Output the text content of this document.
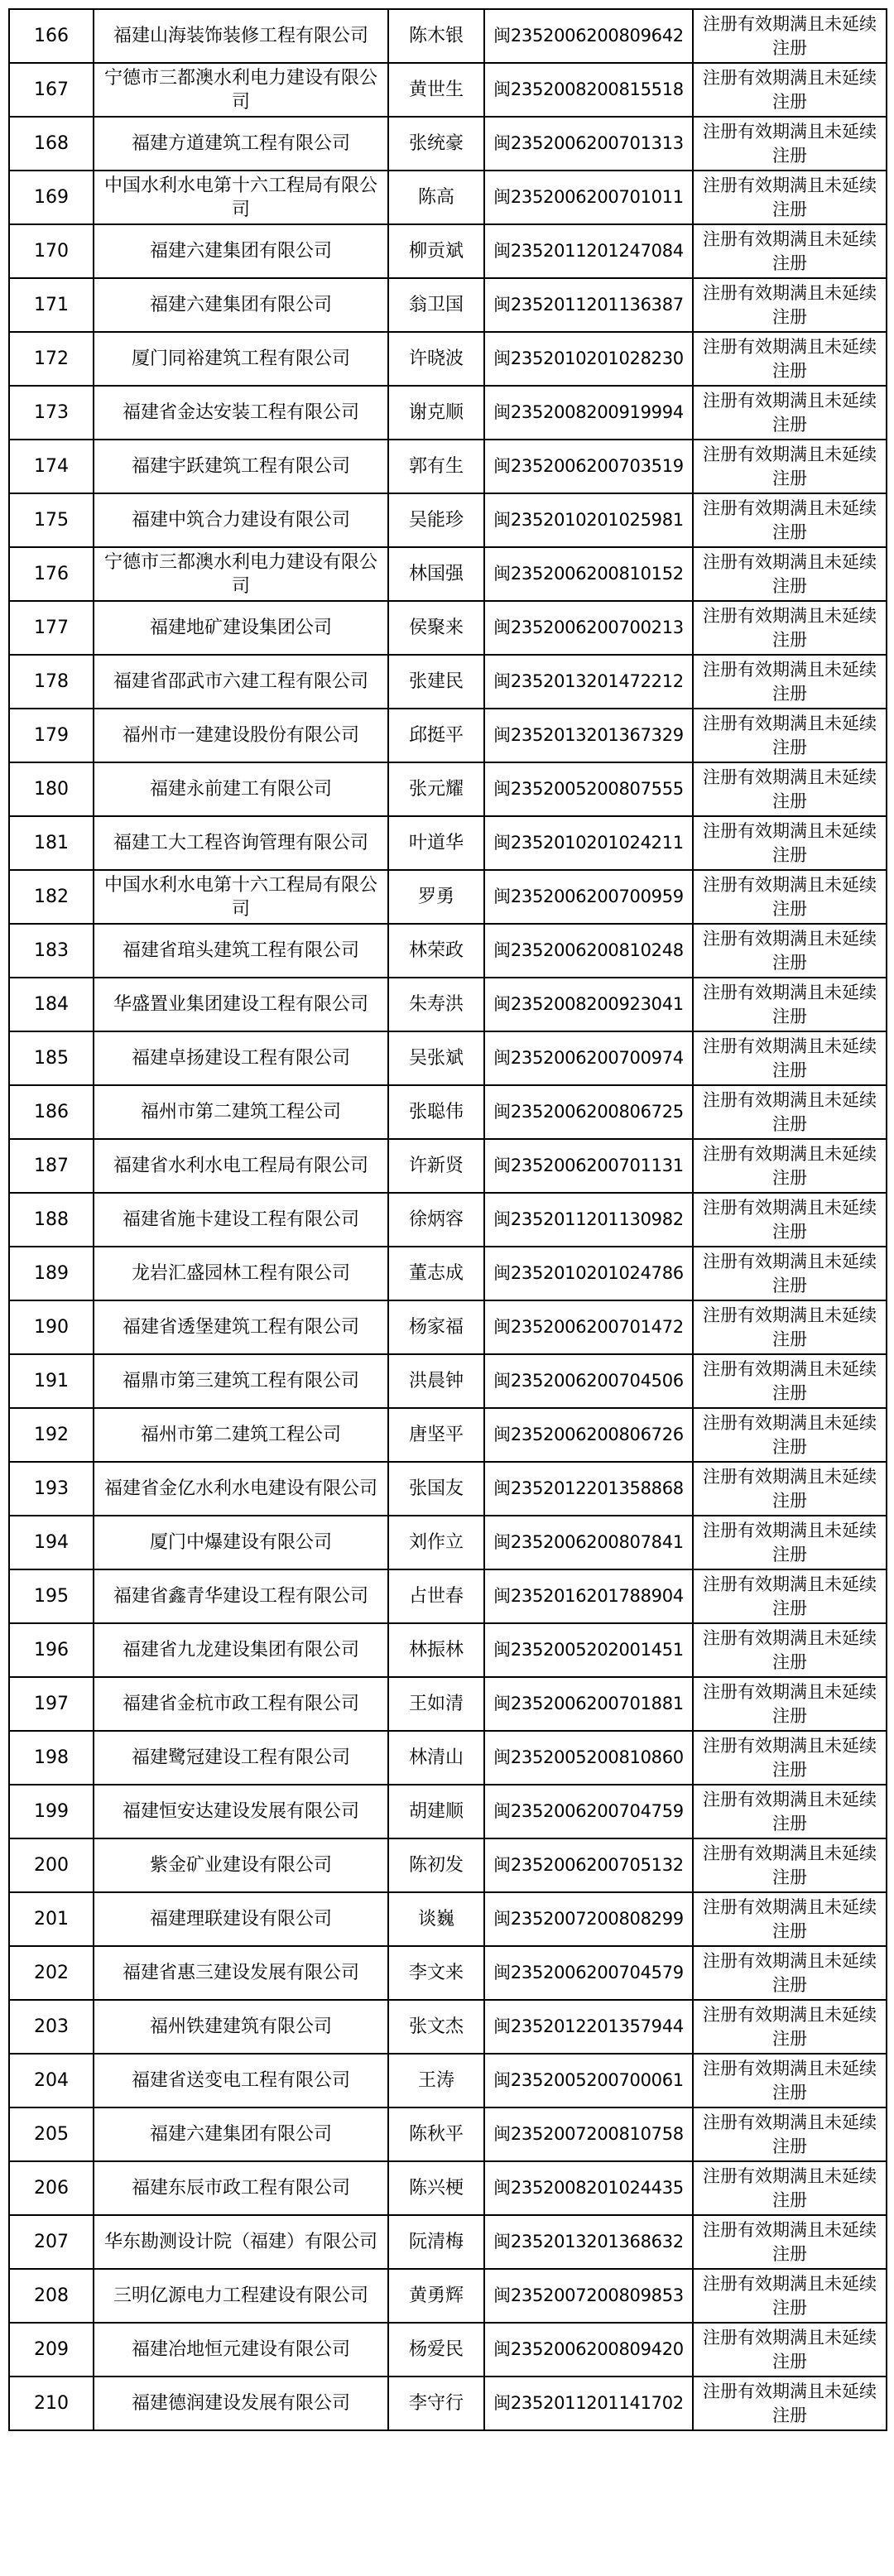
166	福建山海装饰装修工程有限公司	陈木银	闽2352006200809642	注册有效期满且未延续注册
167	宁德市三都澳水利电力建设有限公司	黄世生	闽2352008200815518	注册有效期满且未延续注册
168	福建方道建筑工程有限公司	张统豪	闽2352006200701313	注册有效期满且未延续注册
169	中国水利水电第十六工程局有限公司	陈高	闽2352006200701011	注册有效期满且未延续注册
170	福建六建集团有限公司	柳贡斌	闽2352011201247084	注册有效期满且未延续注册
171	福建六建集团有限公司	翁卫国	闽2352011201136387	注册有效期满且未延续注册
172	厦门同裕建筑工程有限公司	许晓波	闽2352010201028230	注册有效期满且未延续注册
173	福建省金达安装工程有限公司	谢克顺	闽2352008200919994	注册有效期满且未延续注册
174	福建宇跃建筑工程有限公司	郭有生	闽2352006200703519	注册有效期满且未延续注册
175	福建中筑合力建设有限公司	吴能珍	闽2352010201025981	注册有效期满且未延续注册
176	宁德市三都澳水利电力建设有限公司	林国强	闽2352006200810152	注册有效期满且未延续注册
177	福建地矿建设集团公司	侯聚来	闽2352006200700213	注册有效期满且未延续注册
178	福建省邵武市六建工程有限公司	张建民	闽2352013201472212	注册有效期满且未延续注册
179	福州市一建建设股份有限公司	邱挺平	闽2352013201367329	注册有效期满且未延续注册
180	福建永前建工有限公司	张元耀	闽2352005200807555	注册有效期满且未延续注册
181	福建工大工程咨询管理有限公司	叶道华	闽2352010201024211	注册有效期满且未延续注册
182	中国水利水电第十六工程局有限公司	罗勇	闽2352006200700959	注册有效期满且未延续注册
183	福建省琯头建筑工程有限公司	林荣政	闽2352006200810248	注册有效期满且未延续注册
184	华盛置业集团建设工程有限公司	朱寿洪	闽2352008200923041	注册有效期满且未延续注册
185	福建卓扬建设工程有限公司	吴张斌	闽2352006200700974	注册有效期满且未延续注册
186	福州市第二建筑工程公司	张聪伟	闽2352006200806725	注册有效期满且未延续注册
187	福建省水利水电工程局有限公司	许新贤	闽2352006200701131	注册有效期满且未延续注册
188	福建省施卡建设工程有限公司	徐炳容	闽2352011201130982	注册有效期满且未延续注册
189	龙岩汇盛园林工程有限公司	董志成	闽2352010201024786	注册有效期满且未延续注册
190	福建省透堡建筑工程有限公司	杨家福	闽2352006200701472	注册有效期满且未延续注册
191	福鼎市第三建筑工程有限公司	洪晨钟	闽2352006200704506	注册有效期满且未延续注册
192	福州市第二建筑工程公司	唐坚平	闽2352006200806726	注册有效期满且未延续注册
193	福建省金亿水利水电建设有限公司	张国友	闽2352012201358868	注册有效期满且未延续注册
194	厦门中爆建设有限公司	刘作立	闽2352006200807841	注册有效期满且未延续注册
195	福建省鑫青华建设工程有限公司	占世春	闽2352016201788904	注册有效期满且未延续注册
196	福建省九龙建设集团有限公司	林振林	闽2352005202001451	注册有效期满且未延续注册
197	福建省金杭市政工程有限公司	王如清	闽2352006200701881	注册有效期满且未延续注册
198	福建鹭冠建设工程有限公司	林清山	闽2352005200810860	注册有效期满且未延续注册
199	福建恒安达建设发展有限公司	胡建顺	闽2352006200704759	注册有效期满且未延续注册
200	紫金矿业建设有限公司	陈初发	闽2352006200705132	注册有效期满且未延续注册
201	福建理联建设有限公司	谈巍	闽2352007200808299	注册有效期满且未延续注册
202	福建省惠三建设发展有限公司	李文来	闽2352006200704579	注册有效期满且未延续注册
203	福州铁建建筑有限公司	张文杰	闽2352012201357944	注册有效期满且未延续注册
204	福建省送变电工程有限公司	王涛	闽2352005200700061	注册有效期满且未延续注册
205	福建六建集团有限公司	陈秋平	闽2352007200810758	注册有效期满且未延续注册
206	福建东辰市政工程有限公司	陈兴梗	闽2352008201024435	注册有效期满且未延续注册
207	华东勘测设计院（福建）有限公司	阮清梅	闽2352013201368632	注册有效期满且未延续注册
208	三明亿源电力工程建设有限公司	黄勇辉	闽2352007200809853	注册有效期满且未延续注册
209	福建冶地恒元建设有限公司	杨爱民	闽2352006200809420	注册有效期满且未延续注册
210	福建德润建设发展有限公司	李守行	闽2352011201141702	注册有效期满且未延续注册
